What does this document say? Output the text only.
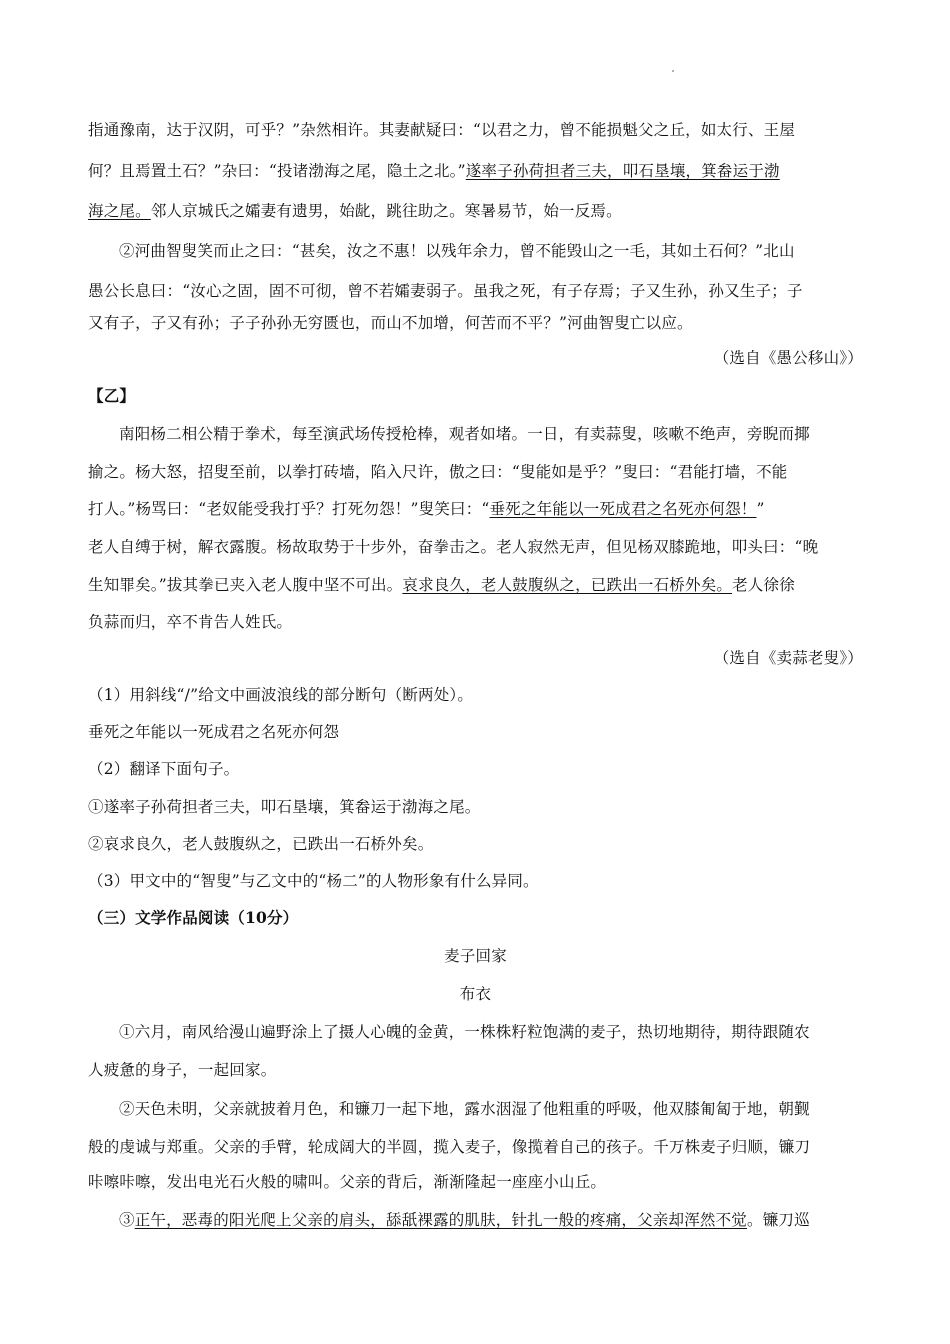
指通豫南，达于汉阴，可乎？”杂然相许。其妻献疑曰：“以君之力，曾不能损魁父之丘，如太行、王屋
何？且焉置土石？”杂曰：“投诸渤海之尾，隐土之北。”遂率子孙荷担者三夫，叩石垦壤，箕畚运于渤
海之尾。邻人京城氏之孀妻有遗男，始龀，跳往助之。寒暑易节，始一反焉。
②河曲智叟笑而止之曰：“甚矣，汝之不惠！以残年余力，曾不能毁山之一毛，其如土石何？”北山
愚公长息曰：“汝心之固，固不可彻，曾不若孀妻弱子。虽我之死，有子存焉；子又生孙，孙又生子；子
又有子，子又有孙；子子孙孙无穷匮也，而山不加增，何苦而不平？”河曲智叟亡以应。
（选自《愚公移山》）
【乙】
南阳杨二相公精于拳术，每至演武场传授枪棒，观者如堵。一日，有卖蒜叟，咳嗽不绝声，旁睨而揶
揄之。杨大怒，招叟至前，以拳打砖墙，陷入尺许，傲之曰：“叟能如是乎？”叟曰：“君能打墙，不能
打人。”杨骂曰：“老奴能受我打乎？打死勿怨！”叟笑曰：“垂死之年能以一死成君之名死亦何怨！”
老人自缚于树，解衣露腹。杨故取势于十步外，奋拳击之。老人寂然无声，但见杨双膝跪地，叩头曰：“晚
生知罪矣。”拔其拳已夹入老人腹中坚不可出。哀求良久，老人鼓腹纵之，已跌出一石桥外矣。老人徐徐
负蒜而归，卒不肯告人姓氏。
（选自《卖蒜老叟》）
（1）用斜线“/”给文中画波浪线的部分断句（断两处）。
垂死之年能以一死成君之名死亦何怨
（2）翻译下面句子。
①遂率子孙荷担者三夫，叩石垦壤，箕畚运于渤海之尾。
②哀求良久，老人鼓腹纵之，已跌出一石桥外矣。
（3）甲文中的“智叟”与乙文中的“杨二”的人物形象有什么异同。
（三）文学作品阅读（10分）
麦子回家
布衣
①六月，南风给漫山遍野涂上了摄人心魄的金黄，一株株籽粒饱满的麦子，热切地期待，期待跟随农
人疲惫的身子，一起回家。
②天色未明，父亲就披着月色，和镰刀一起下地，露水洇湿了他粗重的呼吸，他双膝匍匐于地，朝觐
般的虔诚与郑重。父亲的手臂，轮成阔大的半圆，揽入麦子，像揽着自己的孩子。千万株麦子归顺，镰刀
咔嚓咔嚓，发出电光石火般的啸叫。父亲的背后，渐渐隆起一座座小山丘。
③正午，恶毒的阳光爬上父亲的肩头，舔舐裸露的肌肤，针扎一般的疼痛，父亲却浑然不觉。镰刀巡
